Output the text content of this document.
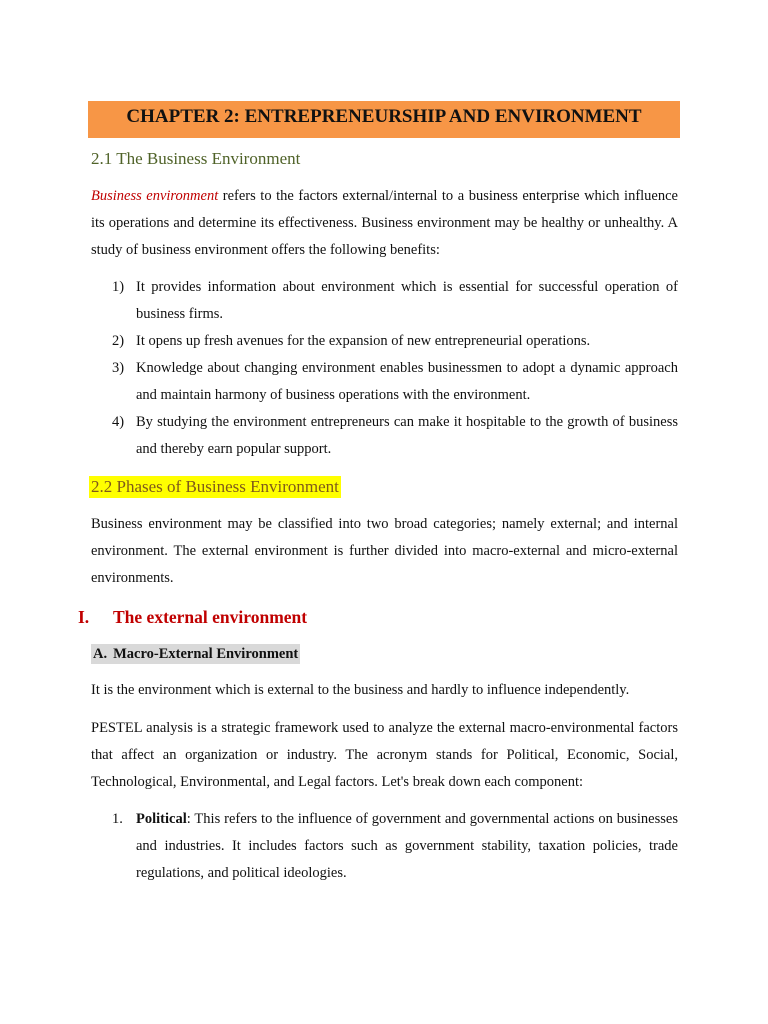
CHAPTER 2: ENTREPRENEURSHIP AND ENVIRONMENT
2.1 The Business Environment
Business environment refers to the factors external/internal to a business enterprise which influence its operations and determine its effectiveness. Business environment may be healthy or unhealthy. A study of business environment offers the following benefits:
1) It provides information about environment which is essential for successful operation of business firms.
2) It opens up fresh avenues for the expansion of new entrepreneurial operations.
3) Knowledge about changing environment enables businessmen to adopt a dynamic approach and maintain harmony of business operations with the environment.
4) By studying the environment entrepreneurs can make it hospitable to the growth of business and thereby earn popular support.
2.2 Phases of Business Environment
Business environment may be classified into two broad categories; namely external; and internal environment. The external environment is further divided into macro-external and micro-external environments.
I. The external environment
A. Macro-External Environment
It is the environment which is external to the business and hardly to influence independently.
PESTEL analysis is a strategic framework used to analyze the external macro-environmental factors that affect an organization or industry. The acronym stands for Political, Economic, Social, Technological, Environmental, and Legal factors. Let's break down each component:
1. Political: This refers to the influence of government and governmental actions on businesses and industries. It includes factors such as government stability, taxation policies, trade regulations, and political ideologies.
